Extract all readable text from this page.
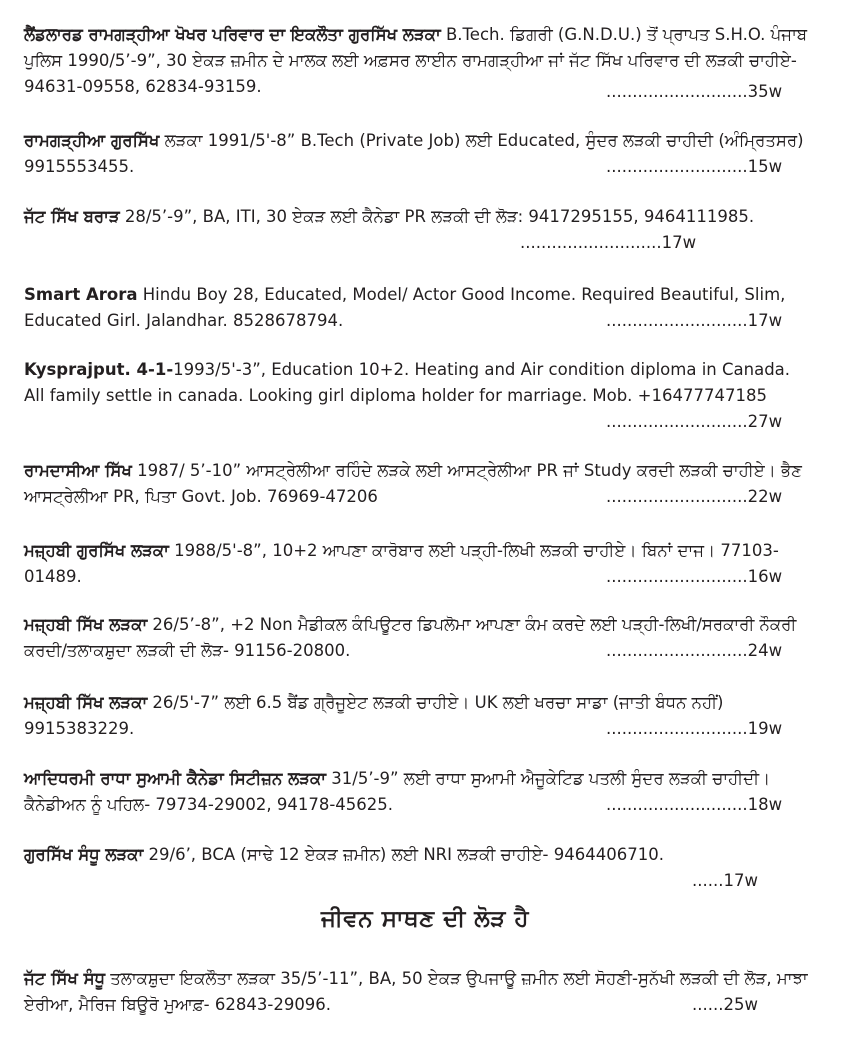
ਲੈਂਡਲਾਰਡ ਰਾਮਗੜ੍ਹੀਆ ਖੋਖਰ ਪਰਿਵਾਰ ਦਾ ਇਕਲੌਤਾ ਗੁਰਸਿੱਖ ਲੜਕਾ B.Tech. ਡਿਗਰੀ (G.N.D.U.) ਤੋਂ ਪ੍ਰਾਪਤ S.H.O. ਪੰਜਾਬ ਪੁਲਿਸ 1990/5’-9”, 30 ਏਕੜ ਜ਼ਮੀਨ ਦੇ ਮਾਲਕ ਲਈ ਅਫ਼ਸਰ ਲਾਈਨ ਰਾਮਗੜ੍ਹੀਆ ਜਾਂ ਜੱਟ ਸਿੱਖ ਪਰਿਵਾਰ ਦੀ ਲੜਕੀ ਚਾਹੀਏ- 94631-09558, 62834-93159.	...........................35w

ਰਾਮਗੜ੍ਹੀਆ ਗੁਰਸਿੱਖ ਲੜਕਾ 1991/5'-8” B.Tech (Private Job) ਲਈ Educated, ਸੁੰਦਰ ਲੜਕੀ ਚਾਹੀਦੀ (ਅੰਮ੍ਰਿਤਸਰ) 9915553455.	...........................15w

ਜੱਟ ਸਿੱਖ ਬਰਾੜ 28/5’-9”, BA, ITI, 30 ਏਕੜ ਲਈ ਕੈਨੇਡਾ PR ਲੜਕੀ ਦੀ ਲੋੜ: 9417295155, 9464111985.

...........................17w

Smart Arora Hindu Boy 28, Educated, Model/ Actor Good Income. Required Beautiful, Slim, Educated Girl. Jalandhar. 8528678794.	...........................17w

Kysprajput. 4-1-1993/5'-3”, Education 10+2. Heating and Air condition diploma in Canada. All family settle in canada. Looking girl diploma holder for marriage. Mob. +16477747185

...........................27w

ਰਾਮਦਾਸੀਆ ਸਿੱਖ 1987/ 5’-10” ਆਸਟ੍ਰੇਲੀਆ ਰਹਿੰਦੇ ਲੜਕੇ ਲਈ ਆਸਟ੍ਰੇਲੀਆ PR ਜਾਂ Study ਕਰਦੀ ਲੜਕੀ ਚਾਹੀਏ। ਭੈਣ ਆਸਟ੍ਰੇਲੀਆ PR, ਪਿਤਾ Govt. Job. 76969-47206	...........................22w

ਮਜ਼੍ਹਬੀ ਗੁਰਸਿੱਖ ਲੜਕਾ 1988/5'-8”, 10+2 ਆਪਣਾ ਕਾਰੋਬਾਰ ਲਈ ਪੜ੍ਹੀ-ਲਿਖੀ ਲੜਕੀ ਚਾਹੀਏ। ਬਿਨਾਂ ਦਾਜ। 77103-01489.	...........................16w

ਮਜ਼੍ਹਬੀ ਸਿੱਖ ਲੜਕਾ 26/5’-8”, +2 Non ਮੈਡੀਕਲ ਕੰਪਿਊਟਰ ਡਿਪਲੋਮਾ ਆਪਣਾ ਕੰਮ ਕਰਦੇ ਲਈ ਪੜ੍ਹੀ-ਲਿਖੀ/ਸਰਕਾਰੀ ਨੌਕਰੀ ਕਰਦੀ/ਤਲਾਕਸ਼ੁਦਾ ਲੜਕੀ ਦੀ ਲੋੜ- 91156-20800.	...........................24w

ਮਜ਼੍ਹਬੀ ਸਿੱਖ ਲੜਕਾ 26/5'-7” ਲਈ 6.5 ਬੈਂਡ ਗ੍ਰੈਜੂਏਟ ਲੜਕੀ ਚਾਹੀਏ। UK ਲਈ ਖਰਚਾ ਸਾਡਾ (ਜਾਤੀ ਬੰਧਨ ਨਹੀਂ) 9915383229.	...........................19w

ਆਦਿਧਰਮੀ ਰਾਧਾ ਸੁਆਮੀ ਕੈਨੇਡਾ ਸਿਟੀਜ਼ਨ ਲੜਕਾ 31/5’-9” ਲਈ ਰਾਧਾ ਸੁਆਮੀ ਐਜੂਕੇਟਿਡ ਪਤਲੀ ਸੁੰਦਰ ਲੜਕੀ ਚਾਹੀਦੀ। ਕੈਨੇਡੀਅਨ ਨੂੰ ਪਹਿਲ- 79734-29002, 94178-45625.	...........................18w

ਗੁਰਸਿੱਖ ਸੰਧੂ ਲੜਕਾ 29/6’, BCA (ਸਾਢੇ 12 ਏਕੜ ਜ਼ਮੀਨ) ਲਈ NRI ਲੜਕੀ ਚਾਹੀਏ- 9464406710.

......17w
ਜੀਵਨ ਸਾਥਣ ਦੀ ਲੋੜ ਹੈ

ਜੱਟ ਸਿੱਖ ਸੰਧੂ ਤਲਾਕਸ਼ੁਦਾ ਇਕਲੌਤਾ ਲੜਕਾ 35/5’-11”, BA, 50 ਏਕੜ ਉਪਜਾਊ ਜ਼ਮੀਨ ਲਈ ਸੋਹਣੀ-ਸੁਨੱਖੀ ਲੜਕੀ ਦੀ ਲੋੜ, ਮਾਝਾ ਏਰੀਆ, ਮੈਰਿਜ ਬਿਊਰੋ ਮੁਆਫ਼- 62843-29096.	......25w
